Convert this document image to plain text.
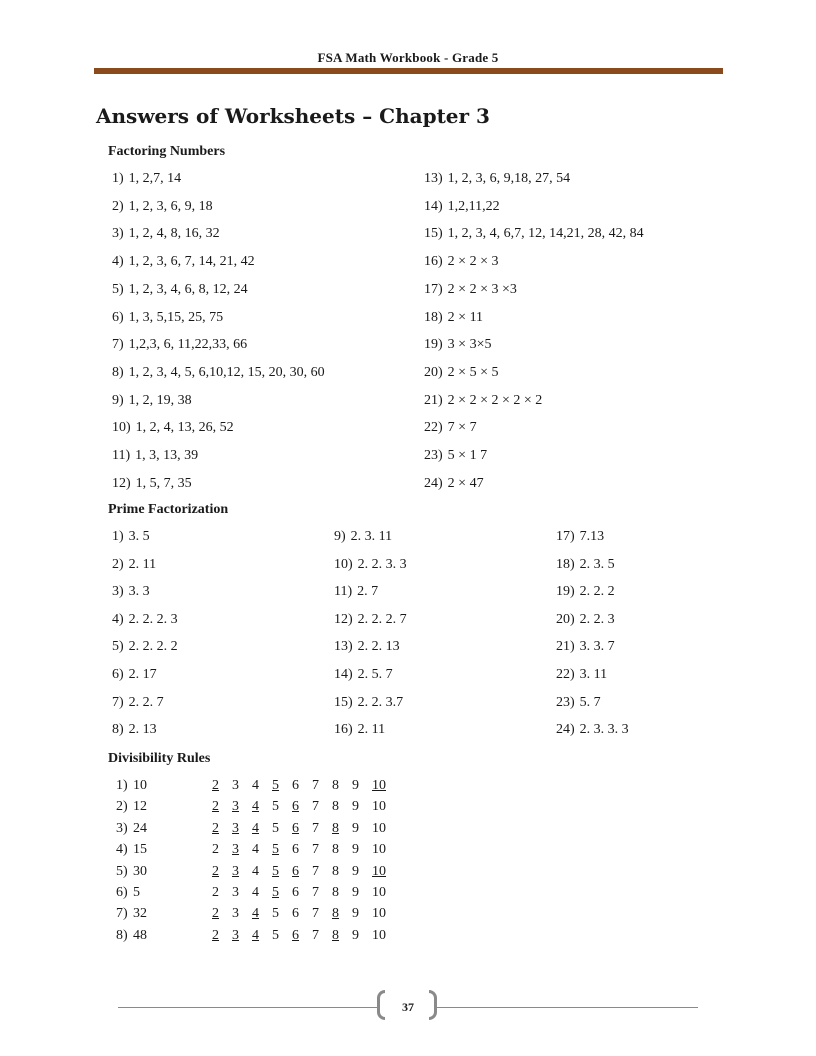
FSA Math Workbook - Grade 5
Answers of Worksheets – Chapter 3
Factoring Numbers
1) 1, 2,7, 14
2) 1, 2, 3, 6, 9, 18
3) 1, 2, 4, 8, 16, 32
4) 1, 2, 3, 6, 7, 14, 21, 42
5) 1, 2, 3, 4, 6, 8, 12, 24
6) 1, 3, 5,15, 25, 75
7) 1,2,3, 6, 11,22,33, 66
8) 1, 2, 3, 4, 5, 6,10,12, 15, 20, 30, 60
9) 1, 2, 19, 38
10) 1, 2, 4, 13, 26, 52
11) 1, 3, 13, 39
12) 1, 5, 7, 35
13) 1, 2, 3, 6, 9,18, 27, 54
14) 1,2,11,22
15) 1, 2, 3, 4, 6,7, 12, 14,21, 28, 42, 84
16) 2 × 2 × 3
17) 2 × 2 × 3 ×3
18) 2 × 11
19) 3 × 3×5
20) 2 × 5 × 5
21) 2 × 2 × 2 × 2 × 2
22) 7 × 7
23) 5 × 1 7
24) 2 × 47
Prime Factorization
1) 3. 5
2) 2. 11
3) 3. 3
4) 2. 2. 2. 3
5) 2. 2. 2. 2
6) 2. 17
7) 2. 2. 7
8) 2. 13
9) 2. 3. 11
10) 2. 2. 3. 3
11) 2. 7
12) 2. 2. 2. 7
13) 2. 2. 13
14) 2. 5. 7
15) 2. 2. 3.7
16) 2. 11
17) 7.13
18) 2. 3. 5
19) 2. 2. 2
20) 2. 2. 3
21) 3. 3. 7
22) 3. 11
23) 5. 7
24) 2. 3. 3. 3
Divisibility Rules
1) 10	2 3 4 5 6 7 8 9 10
2) 12	2 3 4 5 6 7 8 9 10
3) 24	2 3 4 5 6 7 8 9 10
4) 15	2 3 4 5 6 7 8 9 10
5) 30	2 3 4 5 6 7 8 9 10
6) 5	2 3 4 5 6 7 8 9 10
7) 32	2 3 4 5 6 7 8 9 10
8) 48	2 3 4 5 6 7 8 9 10
37
